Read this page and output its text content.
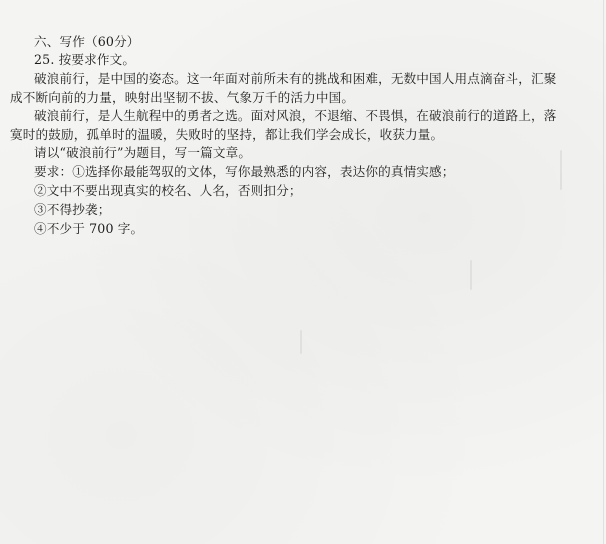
六、写作（60分）
25. 按要求作文。
破浪前行，是中国的姿态。这一年面对前所未有的挑战和困难，无数中国人用点滴奋斗，汇聚
成不断向前的力量，映射出坚韧不拔、气象万千的活力中国。
破浪前行，是人生航程中的勇者之选。面对风浪，不退缩、不畏惧，在破浪前行的道路上，落
寞时的鼓励，孤单时的温暖，失败时的坚持，都让我们学会成长，收获力量。
请以“破浪前行”为题目，写一篇文章。
要求：①选择你最能驾驭的文体，写你最熟悉的内容，表达你的真情实感；
②文中不要出现真实的校名、人名，否则扣分；
③不得抄袭；
④不少于 700 字。
